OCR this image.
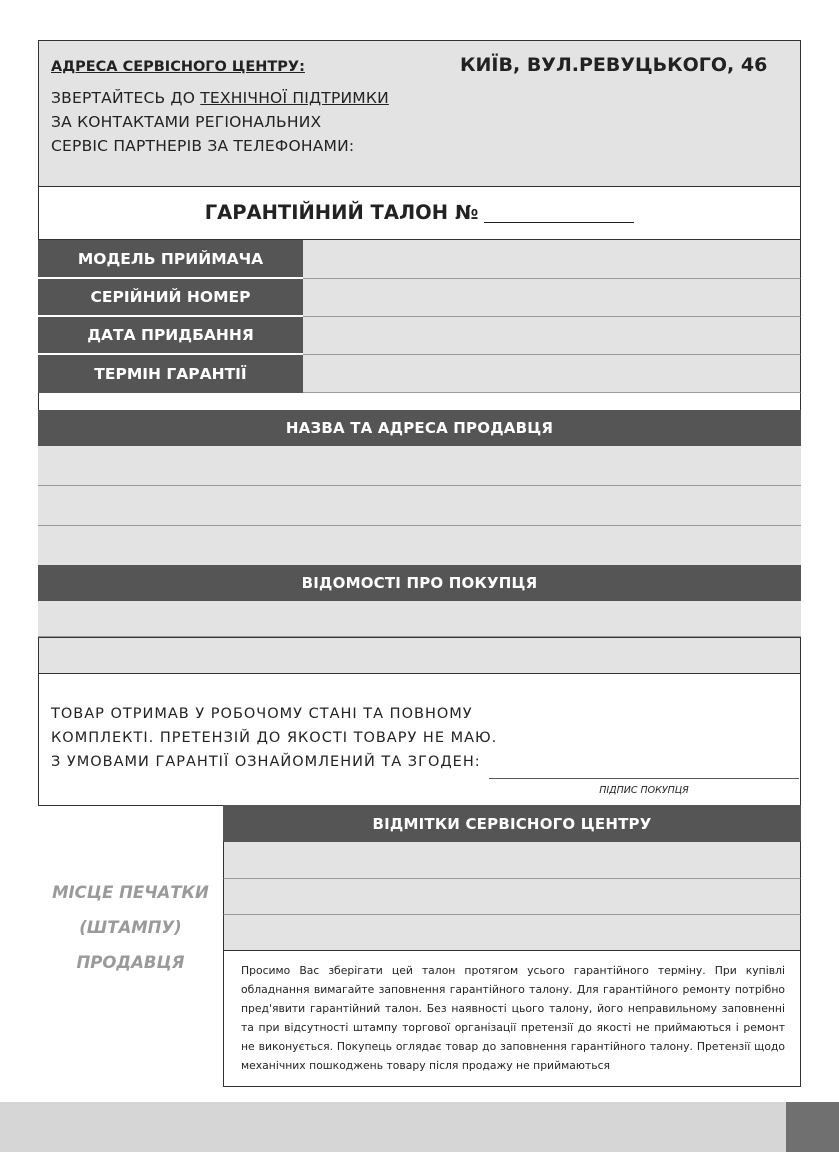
АДРЕСА СЕРВІСНОГО ЦЕНТРУ:	КИЇВ, ВУЛ.РЕВУЦЬКОГО, 46
ЗВЕРТАЙТЕСЬ ДО ТЕХНІЧНОЇ ПІДТРИМКИ
ЗА КОНТАКТАМИ РЕГІОНАЛЬНИХ
СЕРВІС ПАРТНЕРІВ ЗА ТЕЛЕФОНАМИ:
ГАРАНТІЙНИЙ ТАЛОН №
МОДЕЛЬ ПРИЙМАЧА
СЕРІЙНИЙ НОМЕР
ДАТА ПРИДБАННЯ
ТЕРМІН ГАРАНТІЇ
НАЗВА ТА АДРЕСА ПРОДАВЦЯ
ВІДОМОСТІ ПРО ПОКУПЦЯ
ТОВАР ОТРИМАВ У РОБОЧОМУ СТАНІ ТА ПОВНОМУ
КОМПЛЕКТІ. ПРЕТЕНЗІЙ ДО ЯКОСТІ ТОВАРУ НЕ МАЮ.
З УМОВАМИ ГАРАНТІЇ ОЗНАЙОМЛЕНИЙ ТА ЗГОДЕН:
ПІДПИС ПОКУПЦЯ
МІСЦЕ ПЕЧАТКИ
(ШТАМПУ)
ПРОДАВЦЯ
ВІДМІТКИ СЕРВІСНОГО ЦЕНТРУ
Просимо Вас зберігати цей талон протягом усього гарантійного терміну. При купівлі обладнання вимагайте заповнення гарантійного талону. Для гарантійного ремонту потрібно пред'явити гарантійний талон. Без наявності цього талону, його неправильному заповненні та при відсутності штампу торгової організації претензії до якості не приймаються і ремонт не виконується. Покупець оглядає товар до заповнення гарантійного талону. Претензії щодо механічних пошкоджень товару після продажу не приймаються
